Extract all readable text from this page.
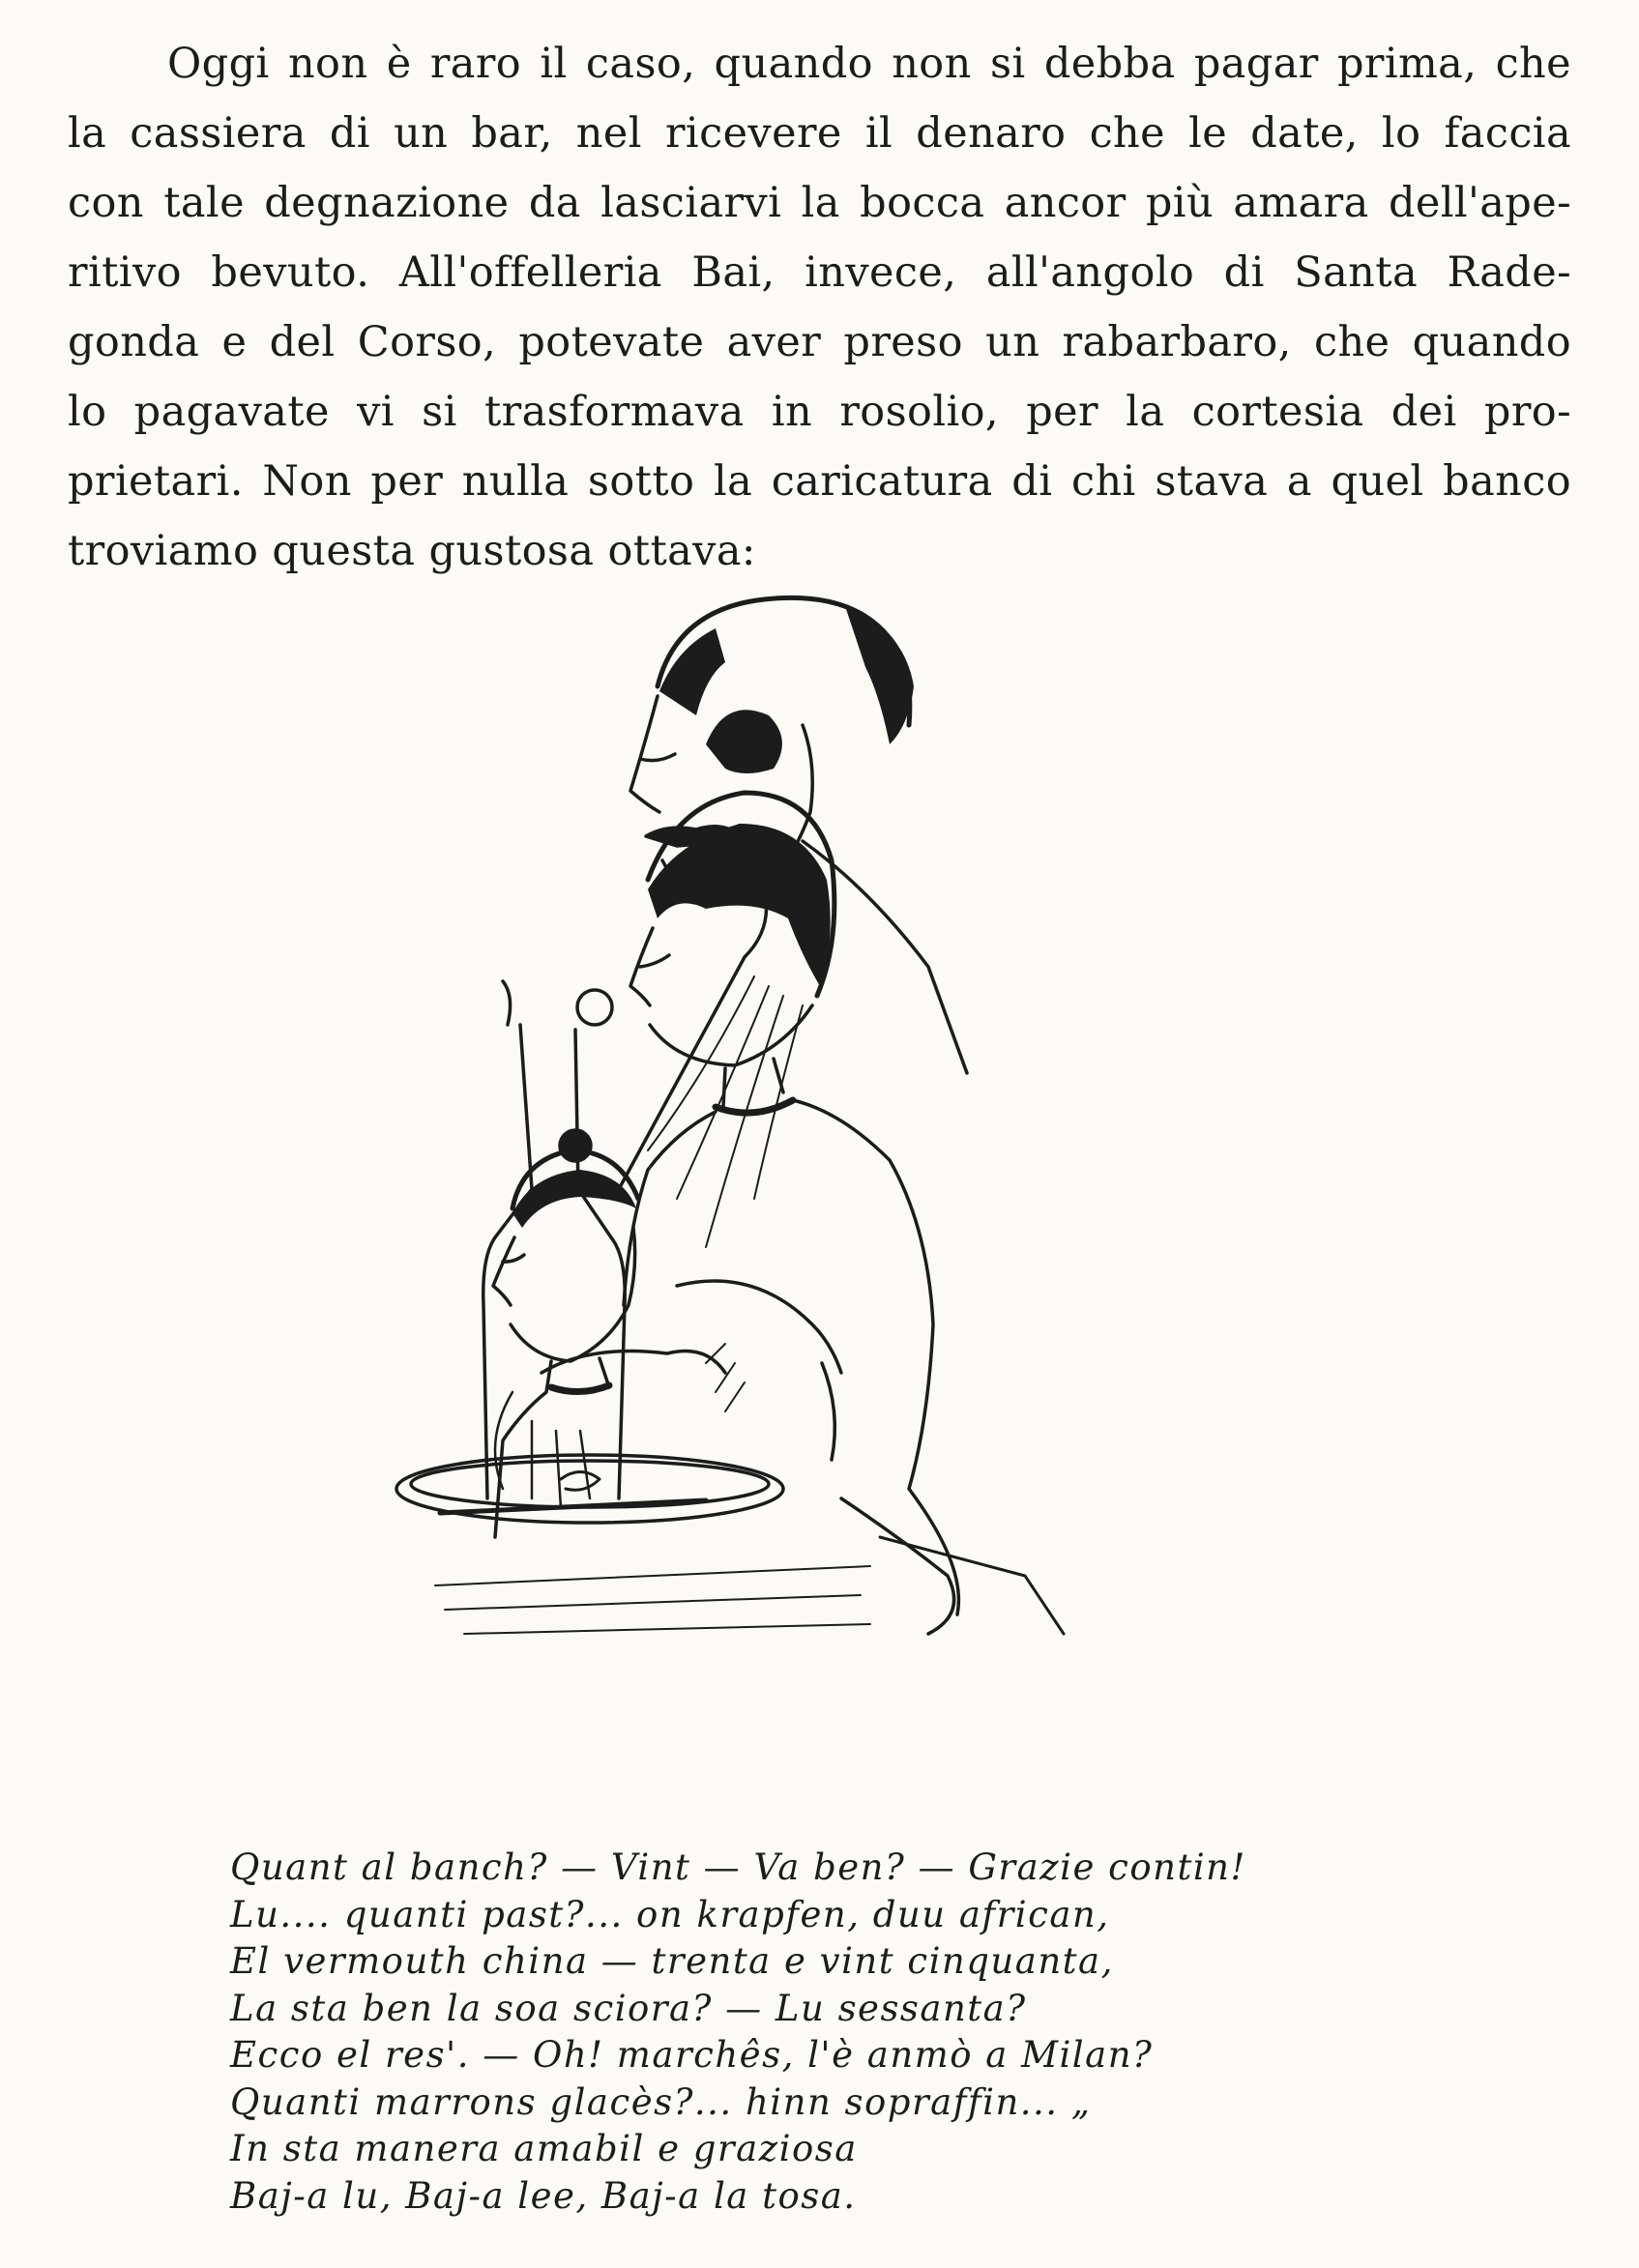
Oggi non è raro il caso, quando non si debba pagar prima, che
la cassiera di un bar, nel ricevere il denaro che le date, lo faccia
con tale degnazione da lasciarvi la bocca ancor più amara dell'ape-
ritivo bevuto. All'offelleria Bai, invece, all'angolo di Santa Rade-
gonda e del Corso, potevate aver preso un rabarbaro, che quando
lo pagavate vi si trasformava in rosolio, per la cortesia dei pro-
prietari. Non per nulla sotto la caricatura di chi stava a quel banco
troviamo questa gustosa ottava:
Quant al banch? — Vint — Va ben? — Grazie contin!
Lu.... quanti past?... on krapfen, duu african,
El vermouth china — trenta e vint cinquanta,
La sta ben la soa sciora? — Lu sessanta?
Ecco el res'. — Oh! marchês, l'è anmò a Milan?
Quanti marrons glacès?... hinn sopraffin... „
In sta manera amabil e graziosa
Baj-a lu, Baj-a lee, Baj-a la tosa.
